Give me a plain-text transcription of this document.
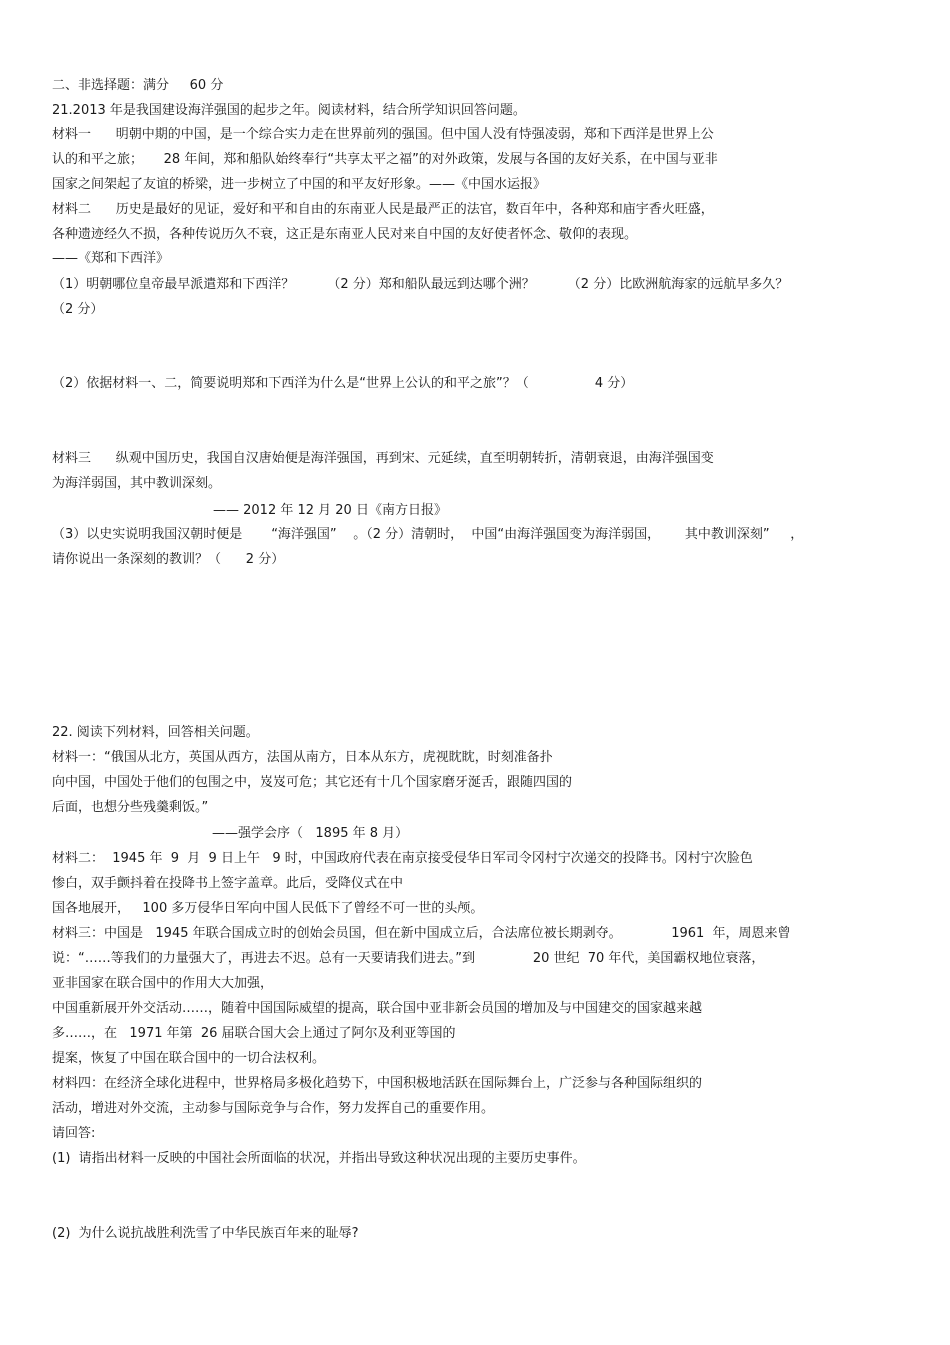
二、非选择题：满分     60 分
21.2013 年是我国建设海洋强国的起步之年。阅读材料，结合所学知识回答问题。
材料一      明朝中期的中国，是一个综合实力走在世界前列的强国。但中国人没有恃强凌弱，郑和下西洋是世界上公
认的和平之旅；     28 年间，郑和船队始终奉行“共享太平之福”的对外政策，发展与各国的友好关系，在中国与亚非
国家之间架起了友谊的桥梁，进一步树立了中国的和平友好形象。——《中国水运报》
材料二      历史是最好的见证，爱好和平和自由的东南亚人民是最严正的法官，数百年中，各种郑和庙宇香火旺盛，
各种遗迹经久不损，各种传说历久不衰，这正是东南亚人民对来自中国的友好使者怀念、敬仰的表现。
——《郑和下西洋》
（1）明朝哪位皇帝最早派遣郑和下西洋？        （2 分）郑和船队最远到达哪个洲？        （2 分）比欧洲航海家的远航早多久？
（2 分）
（2）依据材料一、二，简要说明郑和下西洋为什么是“世界上公认的和平之旅”？（                4 分）
材料三      纵观中国历史，我国自汉唐始便是海洋强国，再到宋、元延续，直至明朝转折，清朝衰退，由海洋强国变
为海洋弱国，其中教训深刻。
—— 2012 年 12 月 20 日《南方日报》
（3）以史实说明我国汉朝时便是       “海洋强国”    。（2 分）清朝时，  中国“由海洋强国变为海洋弱国，      其中教训深刻”     ，
请你说出一条深刻的教训？（      2 分）
22. 阅读下列材料，回答相关问题。
材料一：“俄国从北方，英国从西方，法国从南方，日本从东方，虎视眈眈，时刻准备扑
向中国，中国处于他们的包围之中，岌岌可危；其它还有十几个国家磨牙涎舌，跟随四国的
后面，也想分些残羹剩饭。”
——强学会序（   1895 年 8 月）
材料二：  1945 年  9  月  9 日上午   9 时，中国政府代表在南京接受侵华日军司令冈村宁次递交的投降书。冈村宁次脸色
惨白，双手颤抖着在投降书上签字盖章。此后，受降仪式在中
国各地展开，   100 多万侵华日军向中国人民低下了曾经不可一世的头颅。
材料三：中国是   1945 年联合国成立时的创始会员国，但在新中国成立后，合法席位被长期剥夺。            1961  年，周恩来曾
说：“……等我们的力量强大了，再进去不迟。总有一天要请我们进去。”到              20 世纪  70 年代，美国霸权地位衰落，
亚非国家在联合国中的作用大大加强，
中国重新展开外交活动……，随着中国国际威望的提高，联合国中亚非新会员国的增加及与中国建交的国家越来越
多……，在   1971 年第  26 届联合国大会上通过了阿尔及利亚等国的
提案，恢复了中国在联合国中的一切合法权利。
材料四：在经济全球化进程中，世界格局多极化趋势下，中国积极地活跃在国际舞台上，广泛参与各种国际组织的
活动，增进对外交流，主动参与国际竞争与合作，努力发挥自己的重要作用。
请回答:
(1)  请指出材料一反映的中国社会所面临的状况，并指出导致这种状况出现的主要历史事件。
(2)  为什么说抗战胜利洗雪了中华民族百年来的耻辱?
